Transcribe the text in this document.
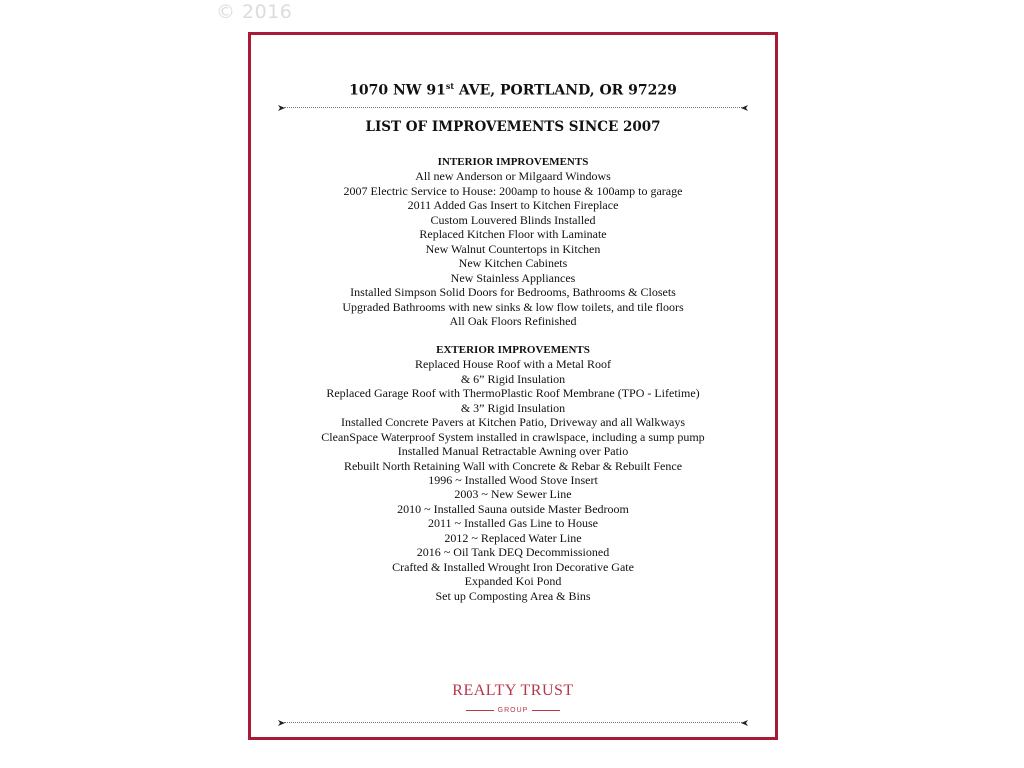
© 2016
1070 NW 91st AVE, PORTLAND, OR 97229
LIST OF IMPROVEMENTS SINCE 2007
INTERIOR IMPROVEMENTS
All new Anderson or Milgaard Windows
2007 Electric Service to House: 200amp to house & 100amp to garage
2011 Added Gas Insert to Kitchen Fireplace
Custom Louvered Blinds Installed
Replaced Kitchen Floor with Laminate
New Walnut Countertops in Kitchen
New Kitchen Cabinets
New Stainless Appliances
Installed Simpson Solid Doors for Bedrooms, Bathrooms & Closets
Upgraded Bathrooms with new sinks & low flow toilets, and tile floors
All Oak Floors Refinished
EXTERIOR IMPROVEMENTS
Replaced House Roof with a Metal Roof
& 6” Rigid Insulation
Replaced Garage Roof with ThermoPlastic Roof Membrane (TPO - Lifetime)
& 3” Rigid Insulation
Installed Concrete Pavers at Kitchen Patio, Driveway and all Walkways
CleanSpace Waterproof System installed in crawlspace, including a sump pump
Installed Manual Retractable Awning over Patio
Rebuilt North Retaining Wall with Concrete & Rebar & Rebuilt Fence
1996 ~ Installed Wood Stove Insert
2003 ~ New Sewer Line
2010 ~ Installed Sauna outside Master Bedroom
2011 ~ Installed Gas Line to House
2012 ~ Replaced Water Line
2016 ~ Oil Tank DEQ Decommissioned
Crafted & Installed Wrought Iron Decorative Gate
Expanded Koi Pond
Set up Composting Area & Bins
REALTY TRUST
GROUP
